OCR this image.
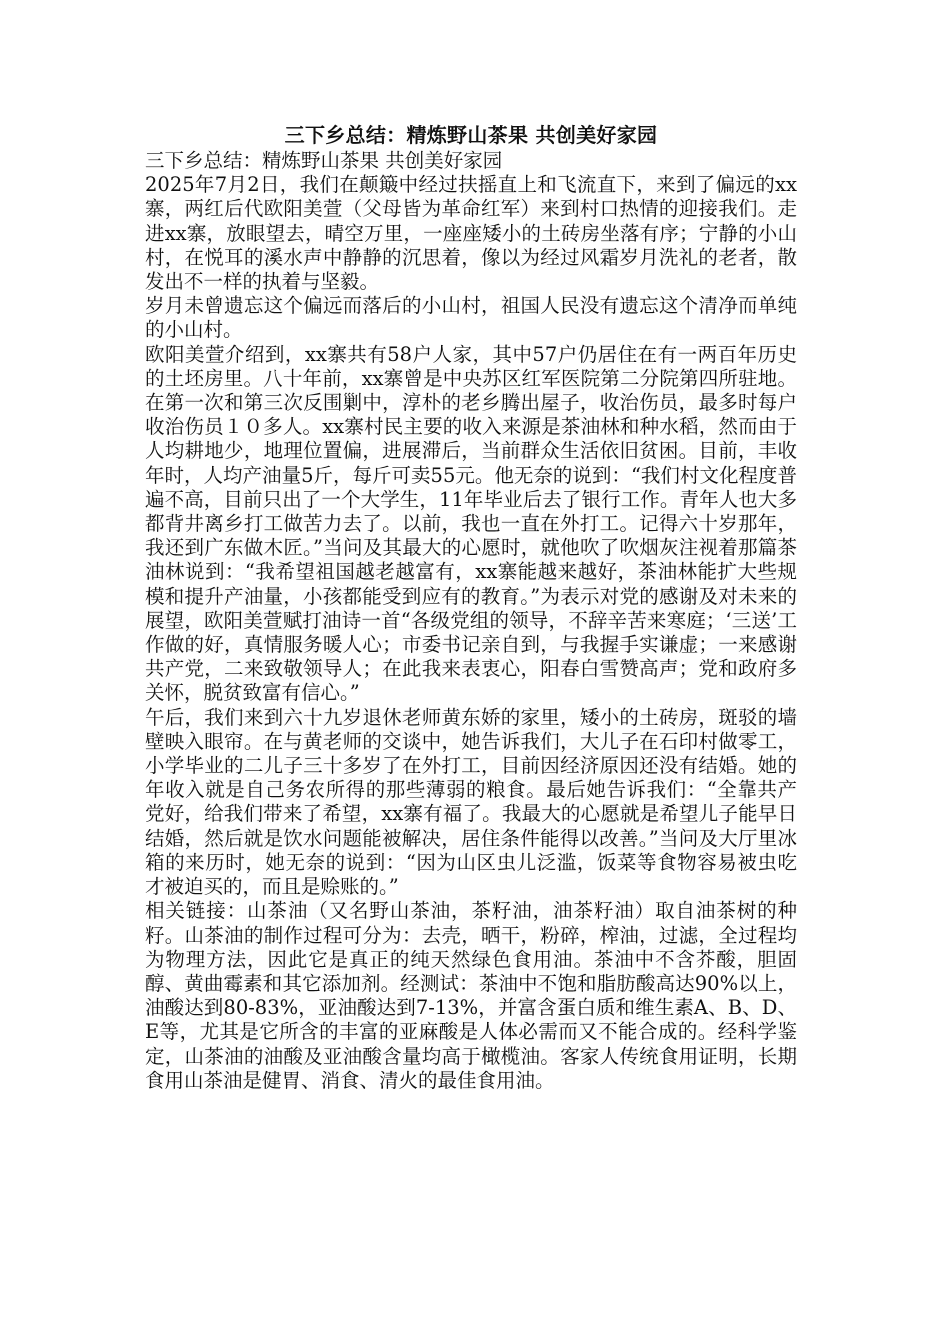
三下乡总结：精炼野山茶果 共创美好家园

三下乡总结：精炼野山茶果 共创美好家园

2025年7月2日，我们在颠簸中经过扶摇直上和飞流直下，来到了偏远的xx寨，两红后代欧阳美萱（父母皆为革命红军）来到村口热情的迎接我们。走进xx寨，放眼望去，晴空万里，一座座矮小的土砖房坐落有序；宁静的小山村，在悦耳的溪水声中静静的沉思着，像以为经过风霜岁月洗礼的老者，散发出不一样的执着与坚毅。

岁月未曾遗忘这个偏远而落后的小山村，祖国人民没有遗忘这个清净而单纯的小山村。

欧阳美萱介绍到，xx寨共有58户人家，其中57户仍居住在有一两百年历史的土坯房里。八十年前，xx寨曾是中央苏区红军医院第二分院第四所驻地。在第一次和第三次反围剿中，淳朴的老乡腾出屋子，收治伤员，最多时每户收治伤员１０多人。xx寨村民主要的收入来源是茶油林和种水稻，然而由于人均耕地少，地理位置偏，进展滞后，当前群众生活依旧贫困。目前，丰收年时，人均产油量5斤，每斤可卖55元。他无奈的说到：“我们村文化程度普遍不高，目前只出了一个大学生，11年毕业后去了银行工作。青年人也大多都背井离乡打工做苦力去了。以前，我也一直在外打工。记得六十岁那年，我还到广东做木匠。”当问及其最大的心愿时，就他吹了吹烟灰注视着那篇茶油林说到：“我希望祖国越老越富有，xx寨能越来越好，茶油林能扩大些规模和提升产油量，小孩都能受到应有的教育。”为表示对党的感谢及对未来的展望，欧阳美萱赋打油诗一首“各级党组的领导，不辞辛苦来寒庭；‘三送’工作做的好，真情服务暖人心；市委书记亲自到，与我握手实谦虚；一来感谢共产党，二来致敬领导人；在此我来表衷心，阳春白雪赞高声；党和政府多关怀，脱贫致富有信心。”

午后，我们来到六十九岁退休老师黄东娇的家里，矮小的土砖房，斑驳的墙壁映入眼帘。在与黄老师的交谈中，她告诉我们，大儿子在石印村做零工，小学毕业的二儿子三十多岁了在外打工，目前因经济原因还没有结婚。她的年收入就是自己务农所得的那些薄弱的粮食。最后她告诉我们：“全靠共产党好，给我们带来了希望，xx寨有福了。我最大的心愿就是希望儿子能早日结婚，然后就是饮水问题能被解决，居住条件能得以改善。”当问及大厅里冰箱的来历时，她无奈的说到：“因为山区虫儿泛滥，饭菜等食物容易被虫吃才被迫买的，而且是赊账的。”

相关链接：山茶油（又名野山茶油，茶籽油，油茶籽油）取自油茶树的种籽。山茶油的制作过程可分为：去壳，晒干，粉碎，榨油，过滤，全过程均为物理方法，因此它是真正的纯天然绿色食用油。茶油中不含芥酸，胆固醇、黄曲霉素和其它添加剂。经测试：茶油中不饱和脂肪酸高达90%以上，油酸达到80-83%，亚油酸达到7-13%，并富含蛋白质和维生素A、B、D、E等，尤其是它所含的丰富的亚麻酸是人体必需而又不能合成的。经科学鉴定，山茶油的油酸及亚油酸含量均高于橄榄油。客家人传统食用证明，长期食用山茶油是健胃、消食、清火的最佳食用油。
